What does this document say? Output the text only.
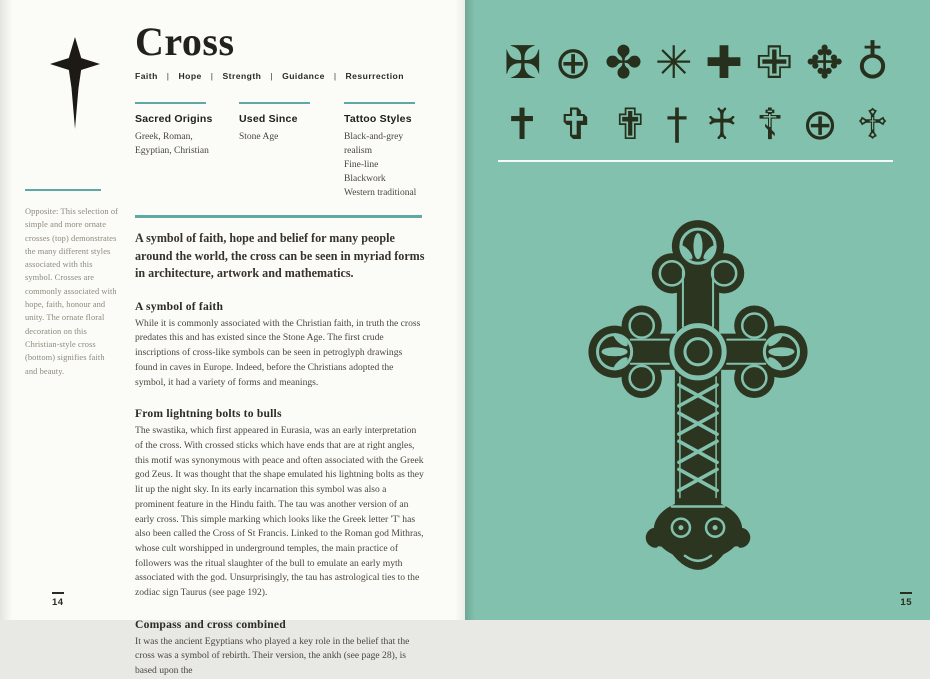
Opposite: This selection of simple and more ornate crosses (top) demonstrates the many different styles associated with this symbol. Crosses are commonly associated with hope, faith, honour and unity. The ornate floral decoration on this Christian-style cross (bottom) signifies faith and beauty.

Cross
Faith | Hope | Strength | Guidance | Resurrection
Sacred Origins
Greek, Roman,
Egyptian, Christian
Used Since
Stone Age
Tattoo Styles
Black-and-grey realism
Fine-line
Blackwork
Western traditional

A symbol of faith, hope and belief for many people around the world, the cross can be seen in myriad forms in architecture, artwork and mathematics.

A symbol of faith

While it is commonly associated with the Christian faith, in truth the cross predates this and has existed since the Stone Age. The first crude inscriptions of cross-like symbols can be seen in petroglyph drawings found in caves in Europe. Indeed, before the Christians adopted the symbol, it had a variety of forms and meanings.

From lightning bolts to bulls

The swastika, which first appeared in Eurasia, was an early interpretation of the cross. With crossed sticks which have ends that are at right angles, this motif was synonymous with peace and often associated with the Greek god Zeus. It was thought that the shape emulated his lightning bolts as they lit up the night sky. In its early incarnation this symbol was also a prominent feature in the Hindu faith. The tau was another version of an early cross. This simple marking which looks like the Greek letter 'T' has also been called the Cross of St Francis. Linked to the Roman god Mithras, whose cult worshipped in underground temples, the main practice of followers was the ritual slaughter of the bull to emulate an early myth associated with the god. Unsurprisingly, the tau has astrological ties to the zodiac sign Taurus (see page 192).

Compass and cross combined

It was the ancient Egyptians who played a key role in the belief that the cross was a symbol of rebirth. Their version, the ankh (see page 28), is based upon the

14
✠ ⊕ ✤ ✳ ✚ ✙ ✥ ♁
✝ ✞ ✟ † ♰ ☦ ⊕ ♱
15
